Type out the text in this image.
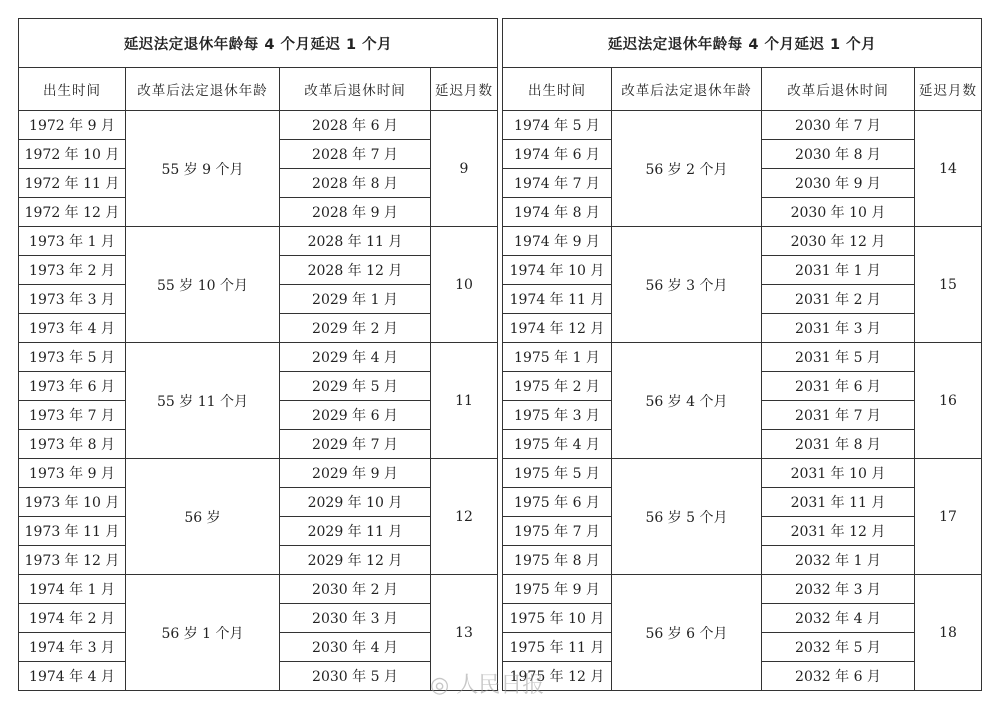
延迟法定退休年龄每 4 个月延迟 1 个月			
出生时间	改革后法定退休年龄	改革后退休时间	延迟月数
1972 年 9 月	55 岁 9 个月	2028 年 6 月	9
1972 年 10 月		2028 年 7 月	
1972 年 11 月		2028 年 8 月	
1972 年 12 月		2028 年 9 月	
1973 年 1 月	55 岁 10 个月	2028 年 11 月	10
1973 年 2 月		2028 年 12 月	
1973 年 3 月		2029 年 1 月	
1973 年 4 月		2029 年 2 月	
1973 年 5 月	55 岁 11 个月	2029 年 4 月	11
1973 年 6 月		2029 年 5 月	
1973 年 7 月		2029 年 6 月	
1973 年 8 月		2029 年 7 月	
1973 年 9 月	56 岁	2029 年 9 月	12
1973 年 10 月		2029 年 10 月	
1973 年 11 月		2029 年 11 月	
1973 年 12 月		2029 年 12 月	
1974 年 1 月	56 岁 1 个月	2030 年 2 月	13
1974 年 2 月		2030 年 3 月	
1974 年 3 月		2030 年 4 月	
1974 年 4 月		2030 年 5 月	
延迟法定退休年龄每 4 个月延迟 1 个月			
出生时间	改革后法定退休年龄	改革后退休时间	延迟月数
1974 年 5 月	56 岁 2 个月	2030 年 7 月	14
1974 年 6 月		2030 年 8 月	
1974 年 7 月		2030 年 9 月	
1974 年 8 月		2030 年 10 月	
1974 年 9 月	56 岁 3 个月	2030 年 12 月	15
1974 年 10 月		2031 年 1 月	
1974 年 11 月		2031 年 2 月	
1974 年 12 月		2031 年 3 月	
1975 年 1 月	56 岁 4 个月	2031 年 5 月	16
1975 年 2 月		2031 年 6 月	
1975 年 3 月		2031 年 7 月	
1975 年 4 月		2031 年 8 月	
1975 年 5 月	56 岁 5 个月	2031 年 10 月	17
1975 年 6 月		2031 年 11 月	
1975 年 7 月		2031 年 12 月	
1975 年 8 月		2032 年 1 月	
1975 年 9 月	56 岁 6 个月	2032 年 3 月	18
1975 年 10 月		2032 年 4 月	
1975 年 11 月		2032 年 5 月	
1975 年 12 月		2032 年 6 月	
◎ 人民日报
